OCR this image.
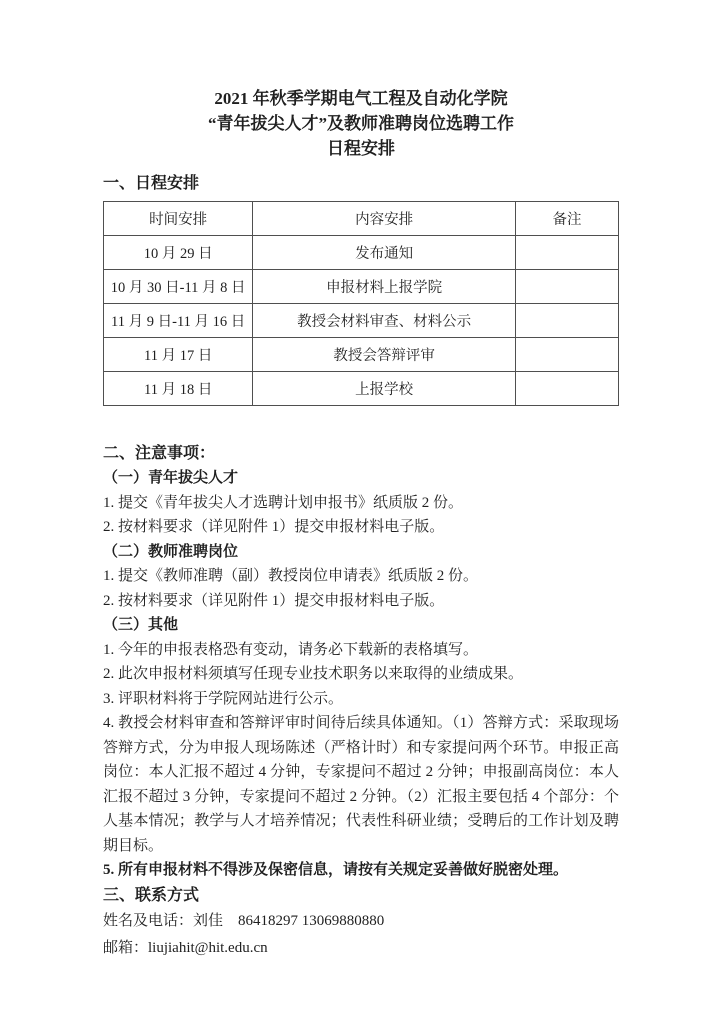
2021 年秋季学期电气工程及自动化学院
“青年拔尖人才”及教师准聘岗位选聘工作
日程安排

一、日程安排

时间安排	内容安排	备注
10 月 29 日	发布通知	
10 月 30 日-11 月 8 日	申报材料上报学院	
11 月 9 日-11 月 16 日	教授会材料审查、材料公示	
11 月 17 日	教授会答辩评审	
11 月 18 日	上报学校	

二、注意事项：

（一）青年拔尖人才

1. 提交《青年拔尖人才选聘计划申报书》纸质版 2 份。

2. 按材料要求（详见附件 1）提交申报材料电子版。

（二）教师准聘岗位

1. 提交《教师准聘（副）教授岗位申请表》纸质版 2 份。

2. 按材料要求（详见附件 1）提交申报材料电子版。

（三）其他

1. 今年的申报表格恐有变动，请务必下载新的表格填写。

2. 此次申报材料须填写任现专业技术职务以来取得的业绩成果。

3. 评职材料将于学院网站进行公示。

4. 教授会材料审查和答辩评审时间待后续具体通知。（1）答辩方式：采取现场答辩方式，分为申报人现场陈述（严格计时）和专家提问两个环节。申报正高岗位：本人汇报不超过 4 分钟，专家提问不超过 2 分钟；申报副高岗位：本人汇报不超过 3 分钟，专家提问不超过 2 分钟。（2）汇报主要包括 4 个部分：个人基本情况；教学与人才培养情况；代表性科研业绩；受聘后的工作计划及聘期目标。

5. 所有申报材料不得涉及保密信息，请按有关规定妥善做好脱密处理。

三、联系方式

姓名及电话：刘佳　86418297 13069880880

邮箱：liujiahit@hit.edu.cn
